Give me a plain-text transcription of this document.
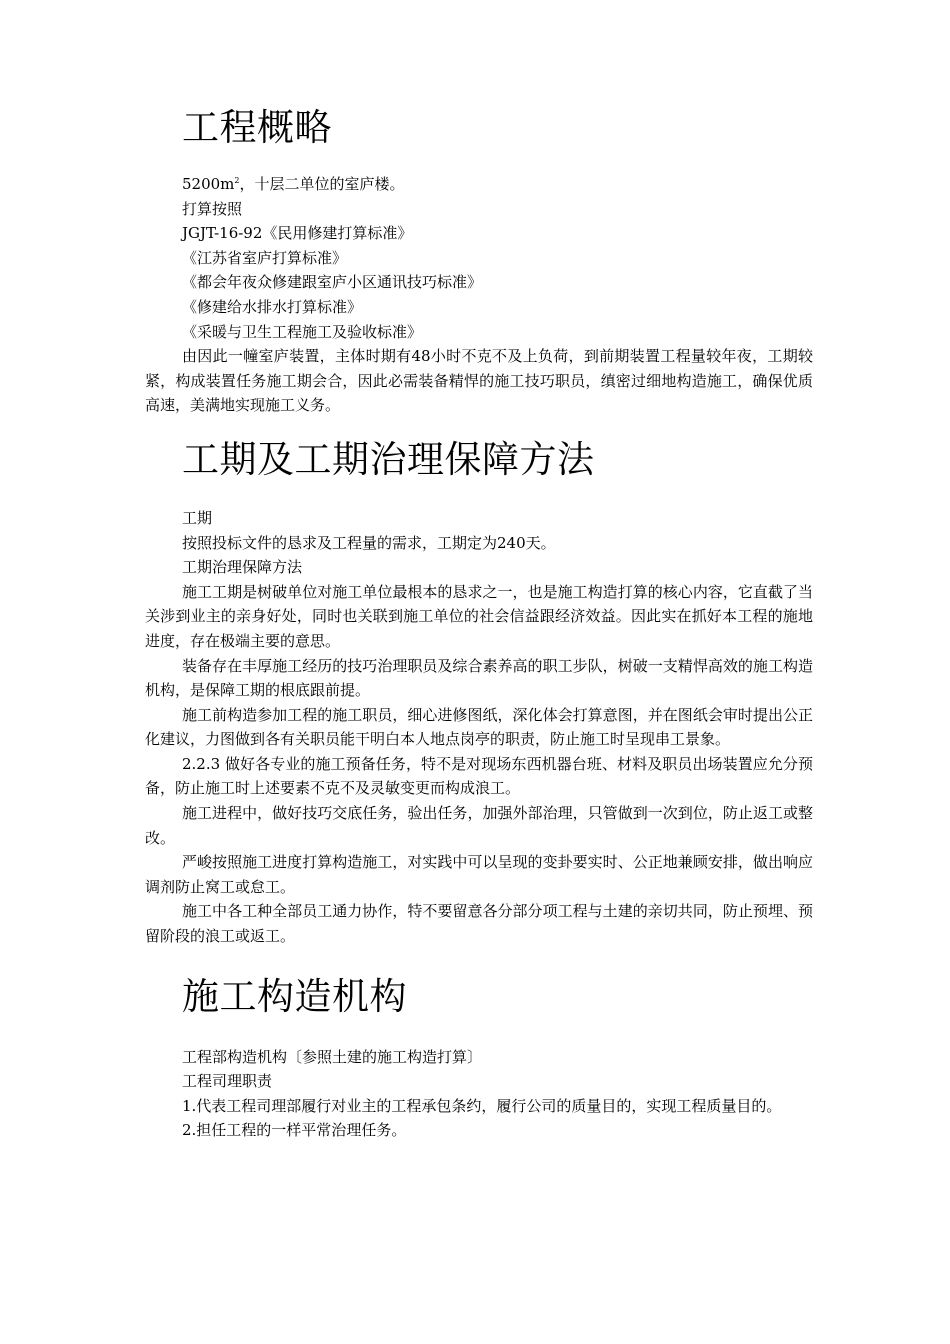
工程概略

$5200m^2$，十层二单位的室庐楼。

打算按照

JGJT-16-92《民用修建打算标准》

《江苏省室庐打算标准》

《都会年夜众修建跟室庐小区通讯技巧标准》

《修建给水排水打算标准》

《采暖与卫生工程施工及验收标准》

由因此一幢室庐装置，主体时期有48小时不克不及上负荷，到前期装置工程量较年夜，工期较紧，构成装置任务施工期会合，因此必需装备精悍的施工技巧职员，缜密过细地构造施工，确保优质高速，美满地实现施工义务。

工期及工期治理保障方法

工期

按照投标文件的恳求及工程量的需求，工期定为240天。

工期治理保障方法

施工工期是树破单位对施工单位最根本的恳求之一，也是施工构造打算的核心内容，它直截了当关涉到业主的亲身好处，同时也关联到施工单位的社会信益跟经济效益。因此实在抓好本工程的施地进度，存在极端主要的意思。

装备存在丰厚施工经历的技巧治理职员及综合素养高的职工步队，树破一支精悍高效的施工构造机构，是保障工期的根底跟前提。

施工前构造参加工程的施工职员，细心进修图纸，深化体会打算意图，并在图纸会审时提出公正化建议，力图做到各有关职员能干明白本人地点岗亭的职责，防止施工时呈现串工景象。

2.2.3 做好各专业的施工预备任务，特不是对现场东西机器台班、材料及职员出场装置应允分预备，防止施工时上述要素不克不及灵敏变更而构成浪工。

施工进程中，做好技巧交底任务，验出任务，加强外部治理，只管做到一次到位，防止返工或整改。

严峻按照施工进度打算构造施工，对实践中可以呈现的变卦要实时、公正地兼顾安排，做出响应调剂防止窝工或怠工。

施工中各工种全部员工通力协作，特不要留意各分部分项工程与土建的亲切共同，防止预埋、预留阶段的浪工或返工。

施工构造机构

工程部构造机构〔参照土建的施工构造打算〕

工程司理职责

1.代表工程司理部履行对业主的工程承包条约，履行公司的质量目的，实现工程质量目的。

2.担任工程的一样平常治理任务。
